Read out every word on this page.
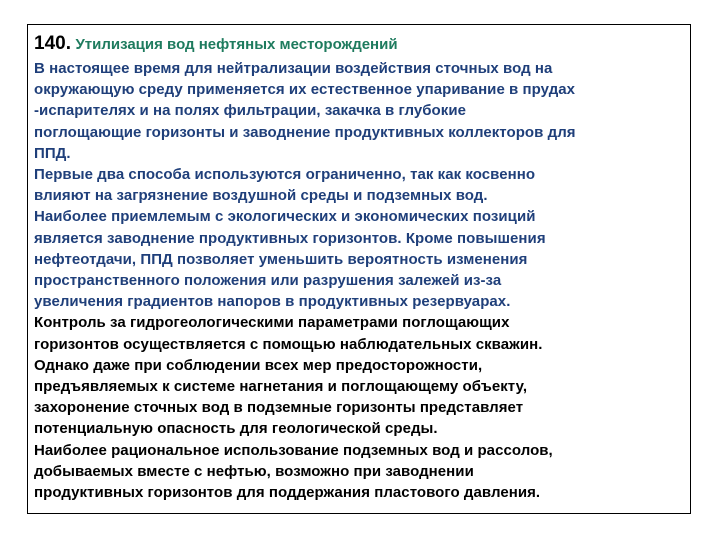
140. Утилизация вод нефтяных месторождений
В настоящее время для нейтрализации воздействия сточных вод на
окружающую среду применяется их естественное упаривание в прудах
-испарителях и на полях фильтрации, закачка в глубокие
поглощающие горизонты и заводнение продуктивных коллекторов для
ППД.
Первые два способа используются ограниченно, так как косвенно
влияют на загрязнение воздушной среды и подземных вод.
Наиболее приемлемым с экологических и экономических позиций
является заводнение продуктивных горизонтов. Кроме повышения
нефтеотдачи, ППД позволяет уменьшить вероятность изменения
пространственного положения или разрушения залежей из-за
увеличения градиентов напоров в продуктивных резервуарах.
Контроль за гидрогеологическими параметрами поглощающих
горизонтов осуществляется с помощью наблюдательных скважин.
Однако даже при соблюдении всех мер предосторожности,
предъявляемых к системе нагнетания и поглощающему объекту,
захоронение сточных вод в подземные горизонты представляет
потенциальную опасность для геологической среды.
Наиболее рациональное использование подземных вод и рассолов,
добываемых вместе с нефтью, возможно при заводнении
продуктивных горизонтов для поддержания пластового давления.
